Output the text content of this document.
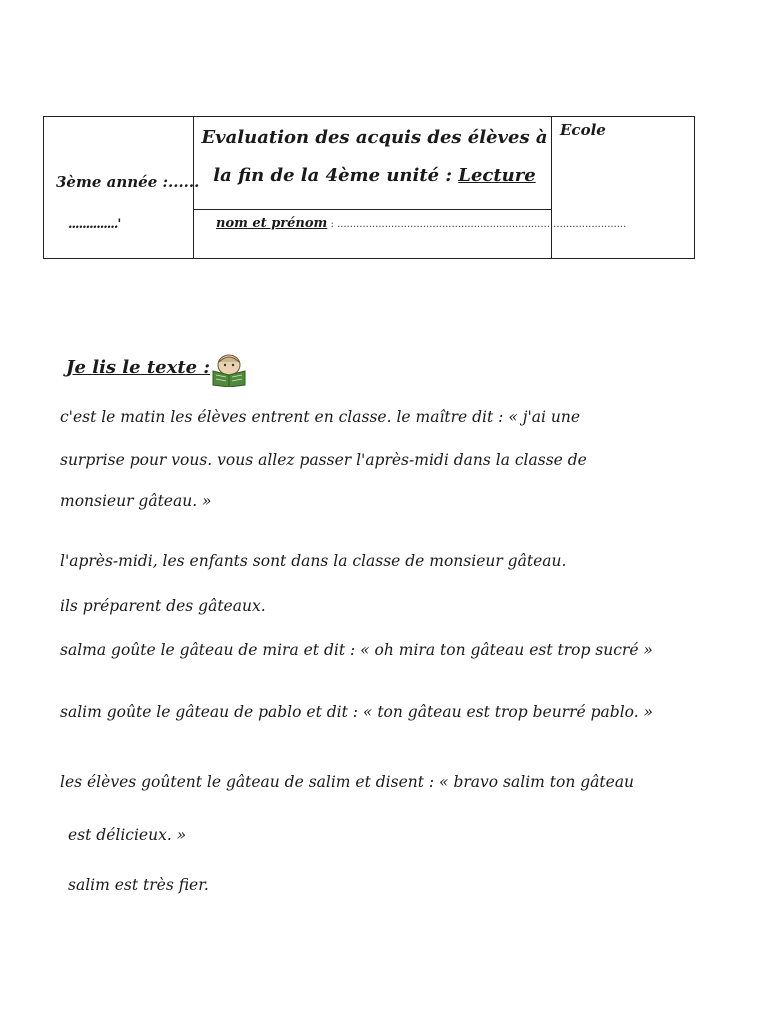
3ème année :......
..............'
Evaluation des acquis des élèves à la fin de la 4ème unité : Lecture
nom et prénom : ...........................................................................................
Ecole
Je lis le texte :
c'est le matin les élèves entrent en classe. le maître dit : « j'ai une
surprise pour vous. vous allez passer l'après-midi dans la classe de
monsieur gâteau. »
l'après-midi, les enfants sont dans la classe de monsieur gâteau.
ils préparent des gâteaux.
salma goûte le gâteau de mira et dit : « oh mira ton gâteau est trop sucré »
salim goûte le gâteau de pablo et dit : « ton gâteau est trop beurré pablo. »
les élèves goûtent le gâteau de salim et disent : « bravo salim ton gâteau
est délicieux. »
salim est très fier.
